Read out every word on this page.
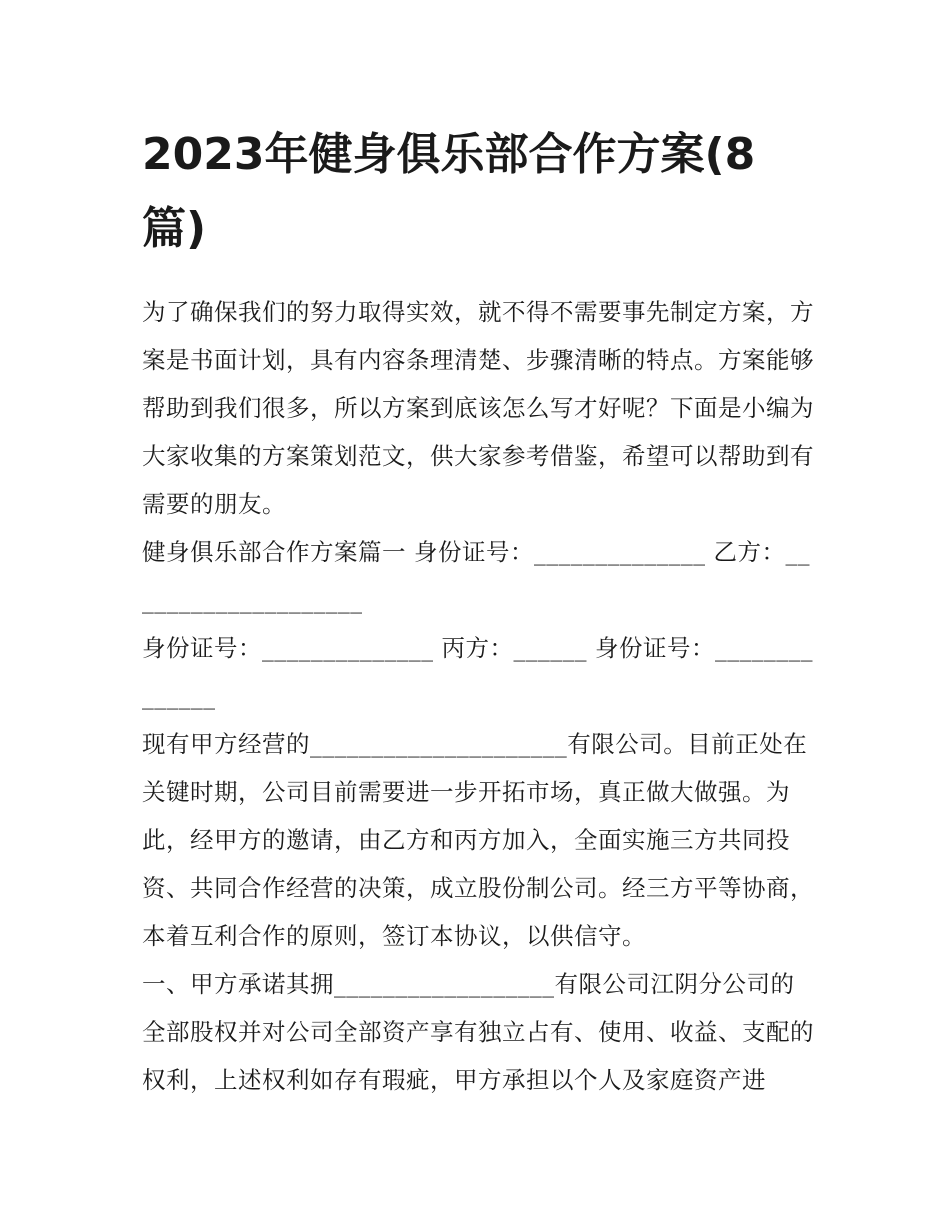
2023年健身俱乐部合作方案(8篇)

为了确保我们的努力取得实效，就不得不需要事先制定方案，方案是书面计划，具有内容条理清楚、步骤清晰的特点。方案能够帮助到我们很多，所以方案到底该怎么写才好呢？下面是小编为大家收集的方案策划范文，供大家参考借鉴，希望可以帮助到有需要的朋友。

健身俱乐部合作方案篇一 身份证号：______________ 乙方：____________________

身份证号：______________ 丙方：______ 身份证号：______________

现有甲方经营的_____________________有限公司。目前正处在关键时期，公司目前需要进一步开拓市场，真正做大做强。为此，经甲方的邀请，由乙方和丙方加入，全面实施三方共同投资、共同合作经营的决策，成立股份制公司。经三方平等协商，本着互利合作的原则，签订本协议，以供信守。

一、甲方承诺其拥__________________有限公司江阴分公司的全部股权并对公司全部资产享有独立占有、使用、收益、支配的权利，上述权利如存有瑕疵，甲方承担以个人及家庭资产进
